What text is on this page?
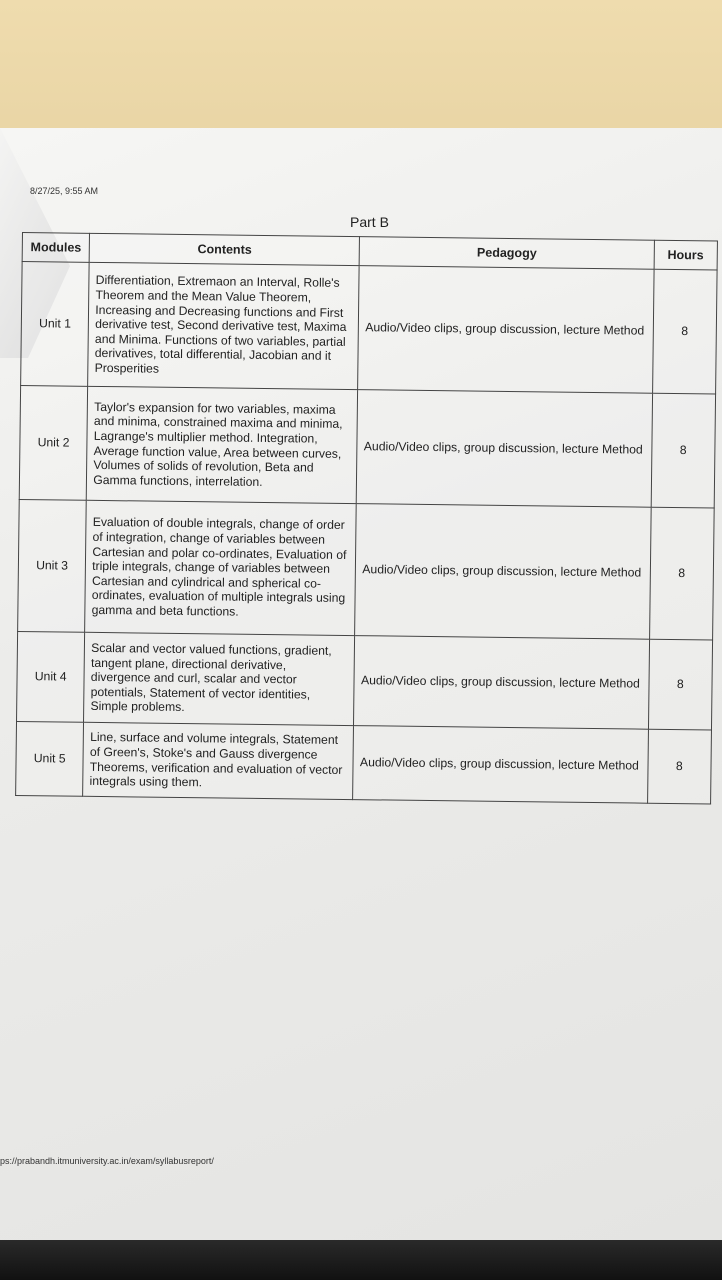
8/27/25, 9:55 AM
Part B
Modules	Contents	Pedagogy	Hours
Unit 1	Differentiation, Extremaon an Interval, Rolle's Theorem and the Mean Value Theorem, Increasing and Decreasing functions and First derivative test, Second derivative test, Maxima and Minima. Functions of two variables, partial derivatives, total differential, Jacobian and it Prosperities	Audio/Video clips, group discussion, lecture Method	8
Unit 2	Taylor's expansion for two variables, maxima and minima, constrained maxima and minima, Lagrange's multiplier method. Integration, Average function value, Area between curves, Volumes of solids of revolution, Beta and Gamma functions, interrelation.	Audio/Video clips, group discussion, lecture Method	8
Unit 3	Evaluation of double integrals, change of order of integration, change of variables between Cartesian and polar co-ordinates, Evaluation of triple integrals, change of variables between Cartesian and cylindrical and spherical co-ordinates, evaluation of multiple integrals using gamma and beta functions.	Audio/Video clips, group discussion, lecture Method	8
Unit 4	Scalar and vector valued functions, gradient, tangent plane, directional derivative, divergence and curl, scalar and vector potentials, Statement of vector identities, Simple problems.	Audio/Video clips, group discussion, lecture Method	8
Unit 5	Line, surface and volume integrals, Statement of Green's, Stoke's and Gauss divergence Theorems, verification and evaluation of vector integrals using them.	Audio/Video clips, group discussion, lecture Method	8
ps://prabandh.itmuniversity.ac.in/exam/syllabusreport/
